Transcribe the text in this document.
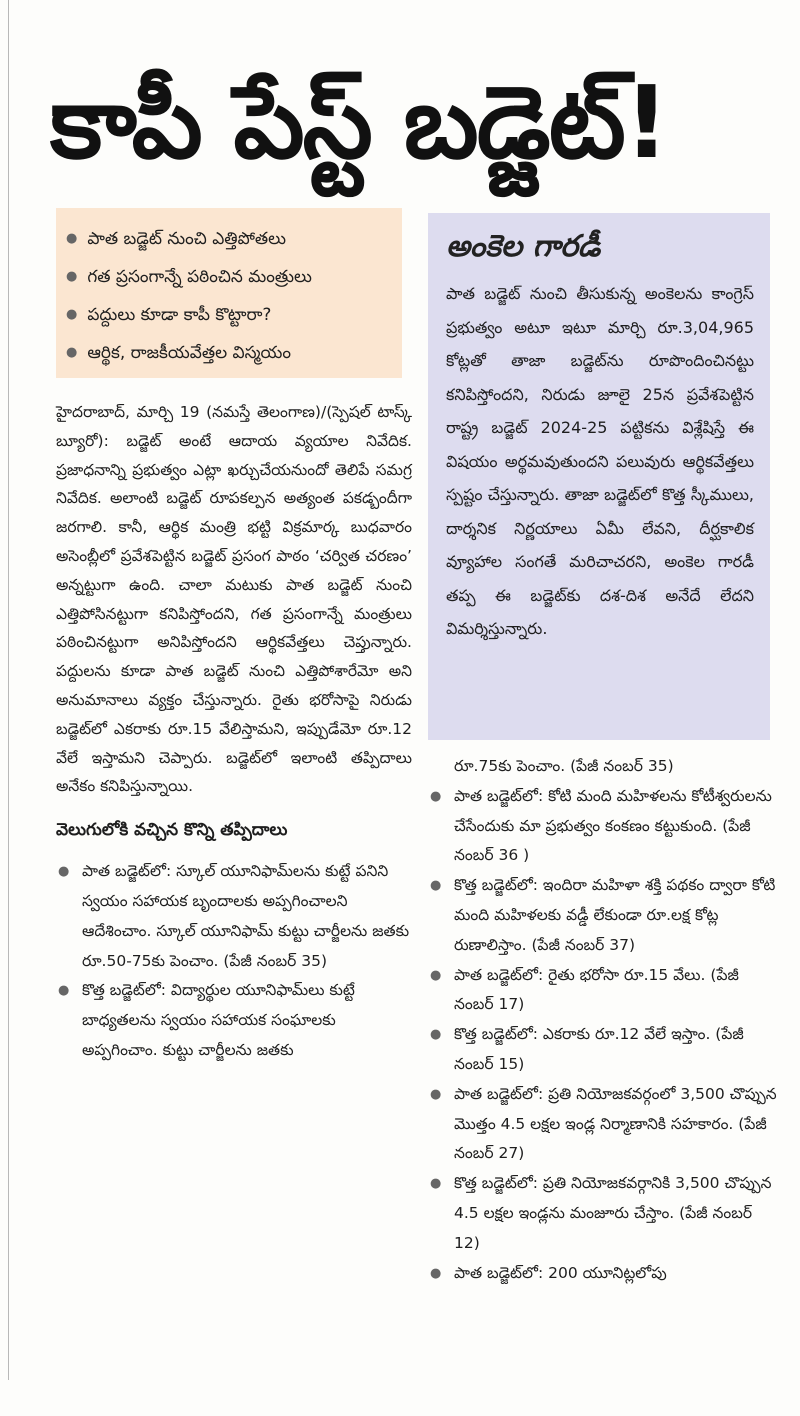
కాపీ పేస్ట్ బడ్జెట్!
● పాత బడ్జెట్ నుంచి ఎత్తిపోతలు
● గత ప్రసంగాన్నే పఠించిన మంత్రులు
● పద్దులు కూడా కాపీ కొట్టారా?
● ఆర్థిక, రాజకీయవేత్తల విస్మయం
అంకెల గారడీ

పాత బడ్జెట్ నుంచి తీసుకున్న అంకెలను కాంగ్రెస్ ప్రభుత్వం అటూ ఇటూ మార్చి రూ.3,04,965 కోట్లతో తాజా బడ్జెట్‌ను రూపొందించినట్టు కనిపిస్తోందని, నిరుడు జూలై 25న ప్రవేశపెట్టిన రాష్ట్ర బడ్జెట్ 2024-25 పట్టికను విశ్లేషిస్తే ఈ విషయం అర్థమవుతుందని పలువురు ఆర్థికవేత్తలు స్పష్టం చేస్తున్నారు. తాజా బడ్జెట్‌లో కొత్త స్కీములు, దార్శనిక నిర్ణయాలు ఏమీ లేవని, దీర్ఘకాలిక వ్యూహాల సంగతే మరిచాచరని, అంకెల గారడీ తప్ప ఈ బడ్జెట్‌కు దశ-దిశ అనేదే లేదని విమర్శిస్తున్నారు.

హైదరాబాద్, మార్చి 19 (నమస్తే తెలంగాణ)/(స్పెషల్ టాస్క్ బ్యూరో): బడ్జెట్ అంటే ఆదాయ వ్యయాల నివేదిక. ప్రజాధనాన్ని ప్రభుత్వం ఎట్లా ఖర్చుచేయనుందో తెలిపే సమగ్ర నివేదిక. అలాంటి బడ్జెట్ రూపకల్పన అత్యంత పకడ్బందీగా జరగాలి. కానీ, ఆర్థిక మంత్రి భట్టి విక్రమార్క బుధవారం అసెంబ్లీలో ప్రవేశపెట్టిన బడ్జెట్ ప్రసంగ పాఠం ‘చర్విత చరణం’ అన్నట్టుగా ఉంది. చాలా మటుకు పాత బడ్జెట్ నుంచి ఎత్తిపోసినట్టుగా కనిపిస్తోందని, గత ప్రసంగాన్నే మంత్రులు పఠించినట్టుగా అనిపిస్తోందని ఆర్థికవేత్తలు చెప్తున్నారు. పద్దులను కూడా పాత బడ్జెట్ నుంచి ఎత్తిపోశారేమో అని అనుమానాలు వ్యక్తం చేస్తున్నారు. రైతు భరోసాపై నిరుడు బడ్జెట్‌లో ఎకరాకు రూ.15 వేలిస్తామని, ఇప్పుడేమో రూ.12 వేలే ఇస్తామని చెప్పారు. బడ్జెట్‌లో ఇలాంటి తప్పిదాలు అనేకం కనిపిస్తున్నాయి.

వెలుగులోకి వచ్చిన కొన్ని తప్పిదాలు
● పాత బడ్జెట్‌లో: స్కూల్ యూనిఫామ్‌లను కుట్టే పనిని స్వయం సహాయక బృందాలకు అప్పగించాలని ఆదేశించాం. స్కూల్ యూనిఫామ్ కుట్టు చార్జీలను జతకు రూ.50-75కు పెంచాం. (పేజీ నంబర్ 35)
● కొత్త బడ్జెట్‌లో: విద్యార్థుల యూనిఫామ్‌లు కుట్టే బాధ్యతలను స్వయం సహాయక సంఘాలకు అప్పగించాం. కుట్టు చార్జీలను జతకు

రూ.75కు పెంచాం. (పేజీ నంబర్ 35)

● పాత బడ్జెట్‌లో: కోటి మంది మహిళలను కోటీశ్వరులను చేసేందుకు మా ప్రభుత్వం కంకణం కట్టుకుంది. (పేజీ నంబర్ 36 )
● కొత్త బడ్జెట్‌లో: ఇందిరా మహిళా శక్తి పథకం ద్వారా కోటి మంది మహిళలకు వడ్డీ లేకుండా రూ.లక్ష కోట్ల రుణాలిస్తాం. (పేజీ నంబర్ 37)
● పాత బడ్జెట్‌లో: రైతు భరోసా రూ.15 వేలు. (పేజీ నంబర్ 17)
● కొత్త బడ్జెట్‌లో: ఎకరాకు రూ.12 వేలే ఇస్తాం. (పేజీ నంబర్ 15)
● పాత బడ్జెట్‌లో: ప్రతి నియోజకవర్గంలో 3,500 చొప్పున మొత్తం 4.5 లక్షల ఇండ్ల నిర్మాణానికి సహకారం. (పేజీ నంబర్ 27)
● కొత్త బడ్జెట్‌లో: ప్రతి నియోజకవర్గానికి 3,500 చొప్పున 4.5 లక్షల ఇండ్లను మంజూరు చేస్తాం. (పేజీ నంబర్ 12)
● పాత బడ్జెట్‌లో: 200 యూనిట్లలోపు
